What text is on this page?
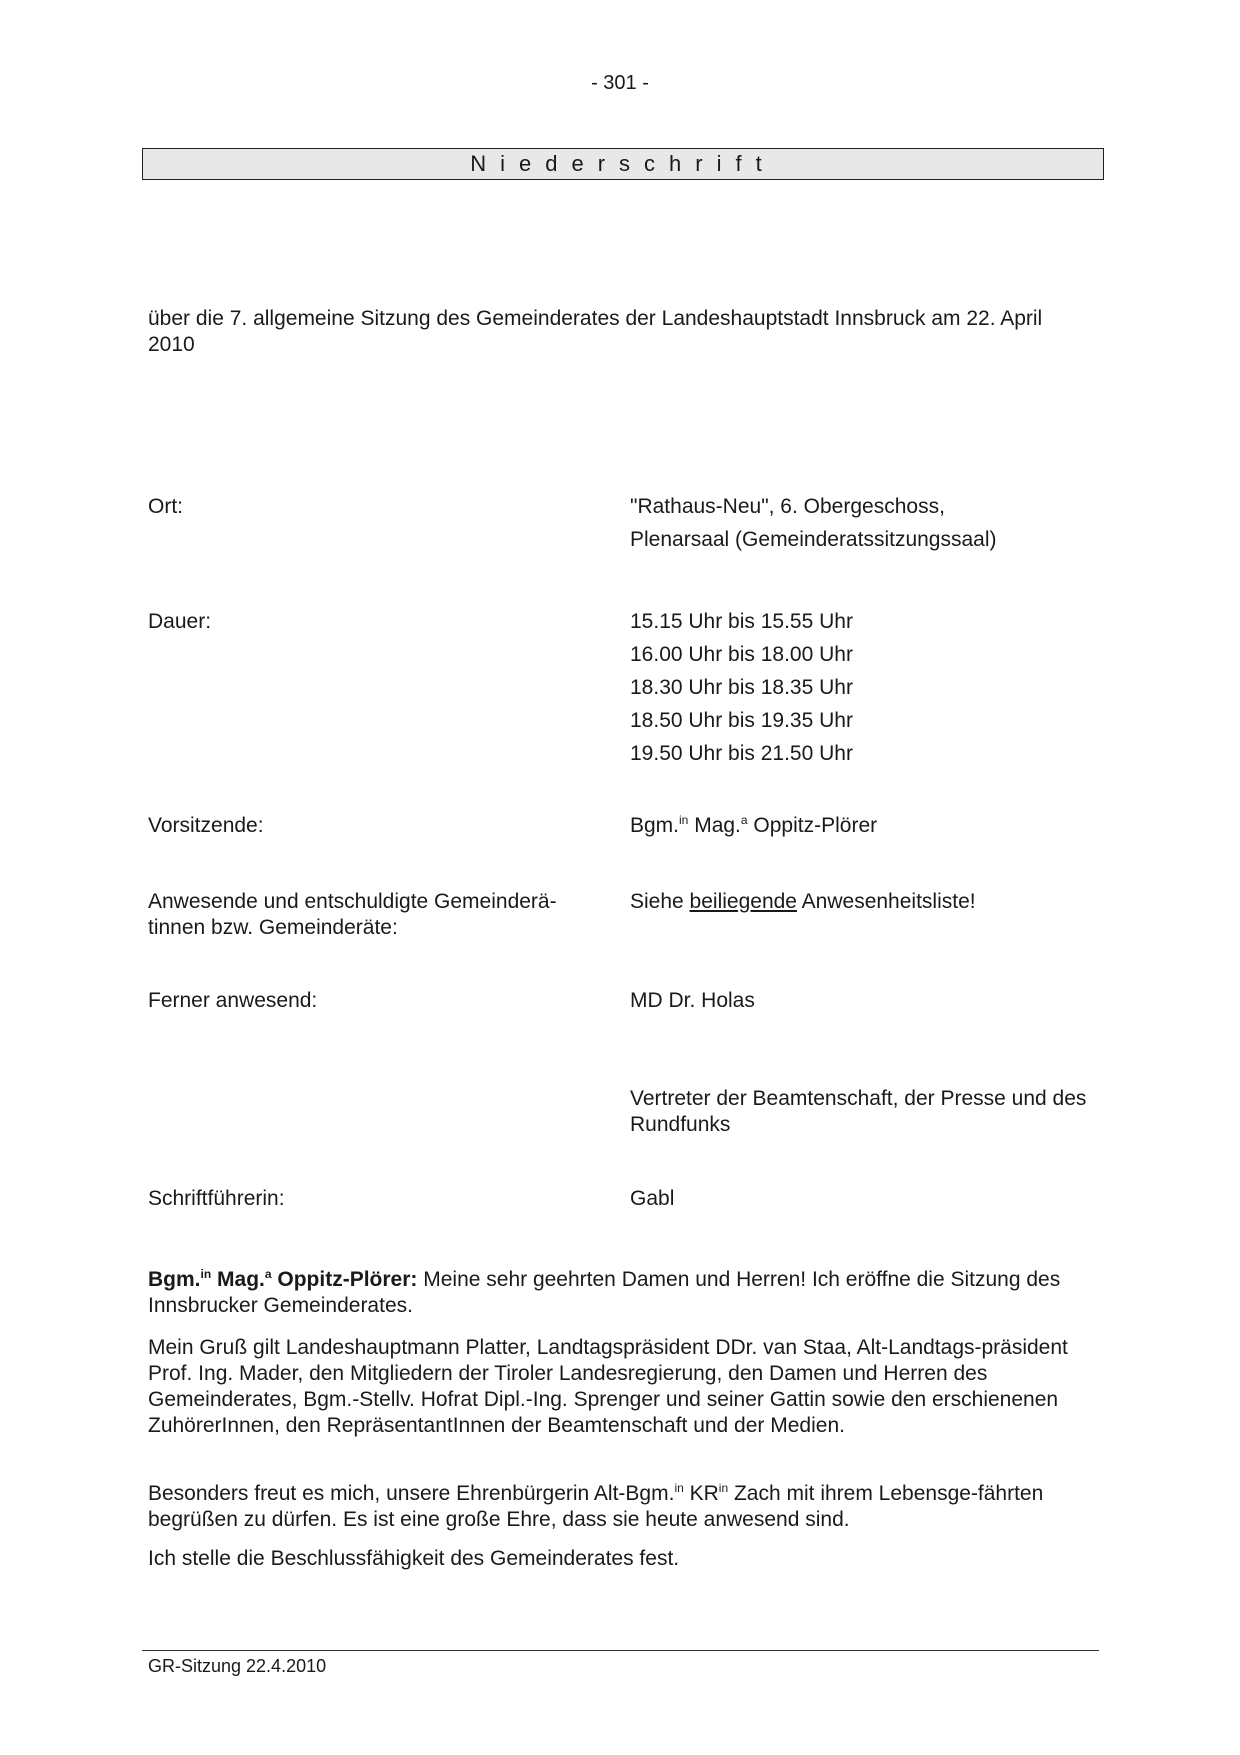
- 301 -
Niederschrift
über die 7. allgemeine Sitzung des Gemeinderates der Landeshauptstadt Innsbruck am 22. April 2010
Ort:	"Rathaus-Neu", 6. Obergeschoss,
Plenarsaal (Gemeinderatssitzungssaal)
Dauer:	15.15 Uhr bis 15.55 Uhr
16.00 Uhr bis 18.00 Uhr
18.30 Uhr bis 18.35 Uhr
18.50 Uhr bis 19.35 Uhr
19.50 Uhr bis 21.50 Uhr
Vorsitzende:	Bgm.$^{in}$ Mag.$^a$ Oppitz-Plörer
Anwesende und entschuldigte Gemeinderä-tinnen bzw. Gemeinderäte:
Siehe beiliegende Anwesenheitsliste!
Ferner anwesend:	MD Dr. Holas
Vertreter der Beamtenschaft, der Presse und des Rundfunks
Schriftführerin:	Gabl
Bgm.$^{in}$ Mag.$^a$ Oppitz-Plörer: Meine sehr geehrten Damen und Herren! Ich eröffne die Sitzung des Innsbrucker Gemeinderates.
Mein Gruß gilt Landeshauptmann Platter, Landtagspräsident DDr. van Staa, Alt-Landtags-präsident Prof. Ing. Mader, den Mitgliedern der Tiroler Landesregierung, den Damen und Herren des Gemeinderates, Bgm.-Stellv. Hofrat Dipl.-Ing. Sprenger und seiner Gattin sowie den erschienenen ZuhörerInnen, den RepräsentantInnen der Beamtenschaft und der Medien.
Besonders freut es mich, unsere Ehrenbürgerin Alt-Bgm.$^{in}$ $KR^{in}$ Zach mit ihrem Lebensge-fährten begrüßen zu dürfen. Es ist eine große Ehre, dass sie heute anwesend sind.
Ich stelle die Beschlussfähigkeit des Gemeinderates fest.
GR-Sitzung 22.4.2010
